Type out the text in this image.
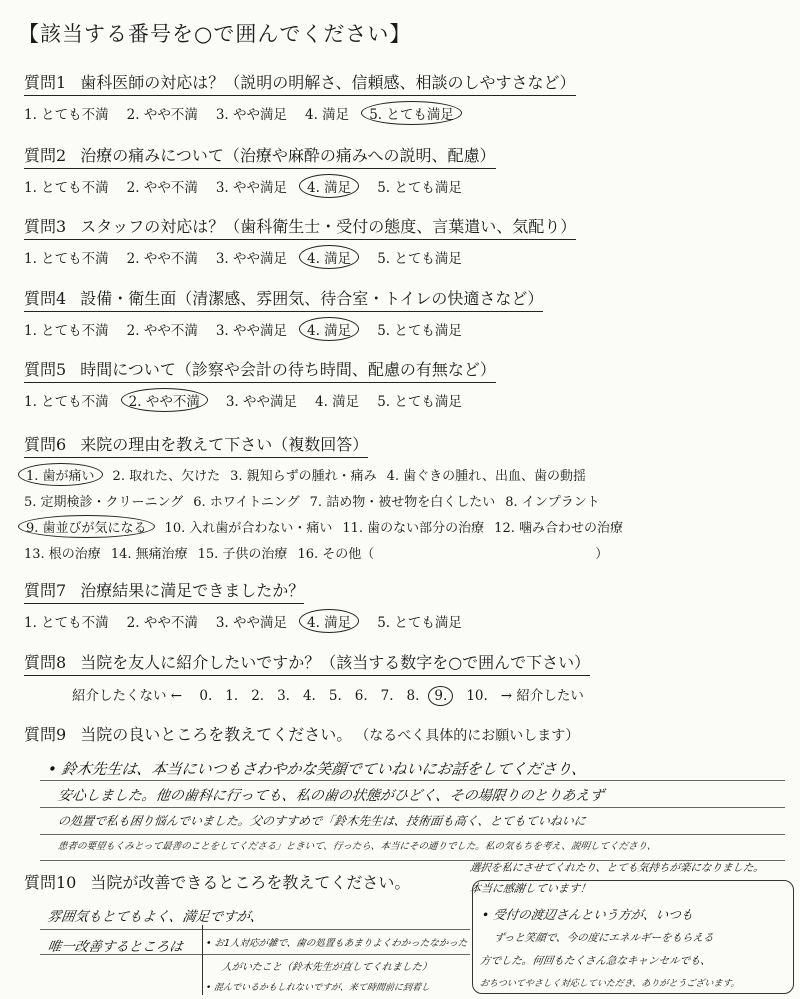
【該当する番号を○で囲んでください】
質問1 歯科医師の対応は？（説明の明解さ、信頼感、相談のしやすさなど）
1. とても不満 2. やや不満 3. やや満足 4. 満足 5. とても満足
質問2 治療の痛みについて（治療や麻酔の痛みへの説明、配慮）
1. とても不満 2. やや不満 3. やや満足 4. 満足 5. とても満足
質問3 スタッフの対応は？（歯科衛生士・受付の態度、言葉遣い、気配り）
1. とても不満 2. やや不満 3. やや満足 4. 満足 5. とても満足
質問4 設備・衛生面（清潔感、雰囲気、待合室・トイレの快適さなど）
1. とても不満 2. やや不満 3. やや満足 4. 満足 5. とても満足
質問5 時間について（診察や会計の待ち時間、配慮の有無など）
1. とても不満 2. やや不満 3. やや満足 4. 満足 5. とても満足
質問6 来院の理由を教えて下さい（複数回答）
1. 歯が痛い 2. 取れた、欠けた 3. 親知らずの腫れ・痛み 4. 歯ぐきの腫れ、出血、歯の動揺
5. 定期検診・クリーニング 6. ホワイトニング 7. 詰め物・被せ物を白くしたい 8. インプラント
9. 歯並びが気になる 10. 入れ歯が合わない・痛い 11. 歯のない部分の治療 12. 噛み合わせの治療
13. 根の治療 14. 無痛治療 15. 子供の治療 16. その他（　　　　　　　　　　　　　　　　　）
質問7 治療結果に満足できましたか？
1. とても不満 2. やや不満 3. やや満足 4. 満足 5. とても満足
質問8 当院を友人に紹介したいですか？（該当する数字を○で囲んで下さい）
紹介したくない ← 0. 1. 2. 3. 4. 5. 6. 7. 8. 9. 10. → 紹介したい
質問9 当院の良いところを教えてください。 （なるべく具体的にお願いします）
• 鈴木先生は、本当にいつもさわやかな笑顔でていねいにお話をしてくださり、
安心しました。他の歯科に行っても、私の歯の状態がひどく、その場限りのとりあえず
の処置で私も困り悩んでいました。父のすすめで「鈴木先生は、技術面も高く、とてもていねいに
患者の要望もくみとって最善のことをしてくださる」ときいて、行ったら、本当にその通りでした。私の気もちを考え、説明してくださり、
選択を私にさせてくれたり、とても気持ちが楽になりました。
本当に感謝しています！
質問10 当院が改善できるところを教えてください。
雰囲気もとてもよく、満足ですが、
唯一改善するところは • お1人対応が雑で、歯の処置もあまりよくわかったなかった
人がいたこと（鈴木先生が直してくれました）
• 混んでいるかもしれないですが、来て時間前に到着し
• 受付の渡辺さんという方が、いつも
ずっと笑顔で、今の度にエネルギーをもらえる
方でした。何回もたくさん急なキャンセルでも、
おちついてやさしく対応していただき、ありがとうございます。
